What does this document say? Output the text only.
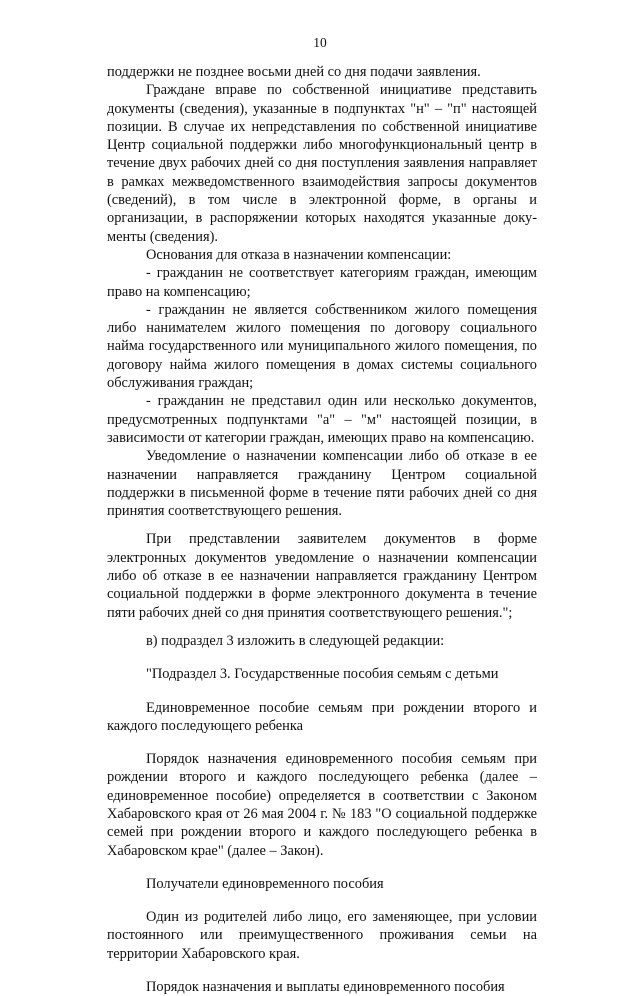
10

поддержки не позднее восьми дней со дня подачи заявления.

Граждане вправе по собственной инициативе представить документы (сведения), указанные в подпунктах "н" – "п" настоящей позиции. В случае их непредставления по собственной инициативе Центр социальной поддержки либо многофункциональный центр в течение двух рабочих дней со дня поступления заявления направляет в рамках межведомственного взаимодействия запросы документов (сведений), в том числе в электронной форме, в органы и организации, в распоряжении которых находятся указанные документы (сведения).

Основания для отказа в назначении компенсации:

- гражданин не соответствует категориям граждан, имеющим право на компенсацию;

- гражданин не является собственником жилого помещения либо нанимателем жилого помещения по договору социального найма государственного или муниципального жилого помещения, по договору найма жилого помещения в домах системы социального обслуживания граждан;

- гражданин не представил один или несколько документов, предусмотренных подпунктами "а" – "м" настоящей позиции, в зависимости от категории граждан, имеющих право на компенсацию.

Уведомление о назначении компенсации либо об отказе в ее назначении направляется гражданину Центром социальной поддержки в письменной форме в течение пяти рабочих дней со дня принятия соответствующего решения.

При представлении заявителем документов в форме электронных документов уведомление о назначении компенсации либо об отказе в ее назначении направляется гражданину Центром социальной поддержки в форме электронного документа в течение пяти рабочих дней со дня принятия соответствующего решения.";

в) подраздел 3 изложить в следующей редакции:

"Подраздел 3. Государственные пособия семьям с детьми

Единовременное пособие семьям при рождении второго и каждого последующего ребенка

Порядок назначения единовременного пособия семьям при рождении второго и каждого последующего ребенка (далее – единовременное пособие) определяется в соответствии с Законом Хабаровского края от 26 мая 2004 г. № 183 "О социальной поддержке семей при рождении второго и каждого последующего ребенка в Хабаровском крае" (далее – Закон).

Получатели единовременного пособия

Один из родителей либо лицо, его заменяющее, при условии постоянного или преимущественного проживания семьи на территории Хабаровского края.

Порядок назначения и выплаты единовременного пособия
